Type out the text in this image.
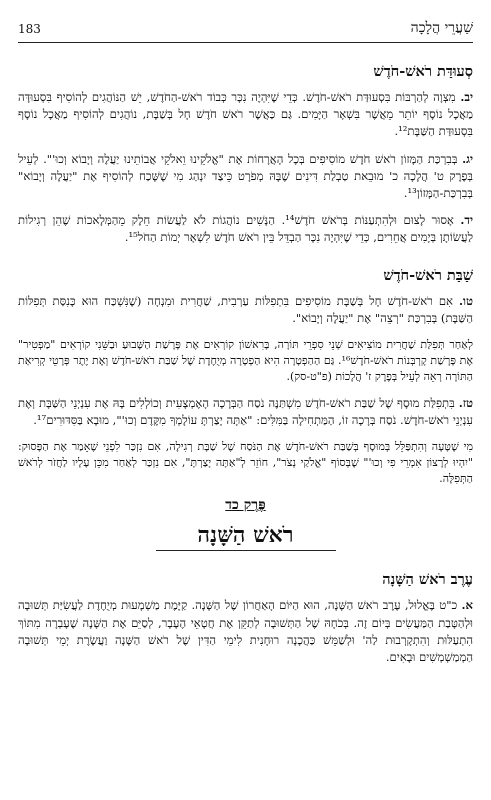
183	שַׁעֲרֵי הֲלָכָה
סְעוּדַּת רֹאשׁ-חֹדֶשׁ

יב. מִצְוָה לְהַרְבּוֹת בִּסְעוּדַּת רֹאשׁ-חֹדֶשׁ. כְּדֵי שֶׁיִּהְיֶה נִכָּר כְּבוֹד רֹאשׁ-הַחֹדֶשׁ, יֵשׁ הַנּוֹהֲגִים לְהוֹסִיף בִּסְעוּדָּה מַאֲכָל נוֹסָף יוֹתֵר מֵאֲשֶׁר בִּשְׁאָר הַיָּמִים. גַּם כַּאֲשֶׁר רֹאשׁ חֹדֶשׁ חָל בְּשַׁבָּת, נוֹהֲגִים לְהוֹסִיף מַאֲכָל נוֹסָף בִּסְעוּדַּת הַשַּׁבָּת¹².

יג. בְּבִרְכַּת הַמָּזוֹן רֹאשׁ חֹדֶשׁ מוֹסִיפִים בְּכָל הָאֲרָחוֹת אֶת "אֱלֹקֵינוּ וֵאלֹקֵי אֲבוֹתֵינוּ יַעֲלֶה וְיָבוֹא וְכוּ'". לְעֵיל בְּפֶרֶק ט' הֲלָכָה כ' מוּבֵאת טַבְלַת דִּינִים שֶׁבָּהּ מְפֹרָט כֵּיצַד יִנְהַג מִי שֶׁשָּׁכַח לְהוֹסִיף אֶת "יַעֲלֶה וְיָבוֹא" בְּבִרְכַּת-הַמָּזוֹן¹³.

יד. אָסוּר לָצוּם וּלְהִתְעַנּוֹת בְּרֹאשׁ חֹדֶשׁ¹⁴. הַנָּשִׁים נוֹהֲגוֹת לֹא לַעֲשׂוֹת חֵלֶק מֵהַמְּלָאכוֹת שֶׁהֵן רְגִילוֹת לַעֲשׂוֹתָן בְּיָמִים אֲחֵרִים, כְּדֵי שֶׁיִּהְיֶה נִכָּר הַבְדֵּל בֵּין רֹאשׁ חֹדֶשׁ לִשְׁאָר יְמוֹת הַחֹל¹⁵.

שַׁבַּת רֹאשׁ-חֹדֶשׁ

טו. אִם רֹאשׁ-חֹדֶשׁ חָל בְּשַׁבָּת מוֹסִיפִים בִּתְפִלּוֹת עַרְבִית, שַׁחֲרִית וּמִנְחָה (שֶׁנִּשְׁכַּח הוּא כָּנִסַּת תְּפִלּוֹת הַשַּׁבָּת) בְּבִרְכַּת "רְצֵה" אֶת "יַעֲלֶה וְיָבוֹא".

לְאַחַר תְּפִלַּת שַׁחֲרִית מוֹצִיאִים שְׁנֵי סִפְרֵי תּוֹרָה, בָּרִאשׁוֹן קוֹרְאִים אֶת פָּרָשַׁת הַשָּׁבוּעַ וּבַשֵּׁנִי קוֹרְאִים "מַפְטִיר" אֶת פָּרָשַׁת קָרְבְּנוֹת רֹאשׁ-חֹדֶשׁ¹⁶. גַּם הַהַפְטָרָה הִיא הַפְטָרָה מְיֻחֶדֶת שֶׁל שַׁבַּת רֹאשׁ-חֹדֶשׁ וְאֶת יֶתֶר פְּרָטֵי קְרִיאַת הַתּוֹרָה רְאֵה לְעֵיל בְּפֶרֶק ז' הֲלָכוֹת (פ"ט-סק).

טז. בִּתְפִלַּת מוּסָף שֶׁל שַׁבַּת רֹאשׁ-חֹדֶשׁ מִשְׁתַּנֶּה נֹסַח הַבְּרָכָה הָאֶמְצָעִית וְכוֹלְלִים בָּהּ אֶת עִנְיְנֵי הַשַּׁבָּת וְאֶת עִנְיְנֵי רֹאשׁ-חֹדֶשׁ. נֹסַח בְּרָכָה זוֹ, הַמַּתְחִילָה בַּמִּלִּים: "אַתָּה יָצַרְתָּ עוֹלָמְךָ מִקֶּדֶם וְכוּ'", מוּבָא בַּסִּדּוּרִים¹⁷.

מִי שֶׁטָּעָה וְהִתְפַּלֵּל בְּמוּסָף בְּשַׁבַּת רֹאשׁ-חֹדֶשׁ אֶת הַנֹּסַח שֶׁל שַׁבָּת רְגִילָה, אִם נִזְכַּר לִפְנֵי שֶׁאָמַר אֶת הַפָּסוּק: "יִהְיוּ לְרָצוֹן אִמְרֵי פִי וְכוּ'" שֶׁבְּסוֹף "אֱלֹקַי נְצֹר", חוֹזֵר לְ"אַתָּה יָצַרְתָּ", אִם נִזְכַּר לְאַחַר מִכֵּן עָלָיו לַחֲזֹר לְרֹאשׁ הַתְּפִלָּה.

פֶּרֶק כד
רֹאשׁ הַשָּׁנָה
עֶרֶב רֹאשׁ הַשָּׁנָה

א. כ"ט בֶּאֱלוּל, עֶרֶב רֹאשׁ הַשָּׁנָה, הוּא הַיּוֹם הָאַחֲרוֹן שֶׁל הַשָּׁנָה. קַיֶּמֶת מַשְׁמָעוּת מְיֻחֶדֶת לַעֲשִׂיַּת תְּשׁוּבָה וּלְהַטָּבַת הַמַּעֲשִׂים בְּיוֹם זֶה. בְּכֹחָהּ שֶׁל הַתְּשׁוּבָה לְתַקֵּן אֶת חֲטָאֵי הֶעָבָר, לְסַיֵּם אֶת הַשָּׁנָה שֶׁעָבְרָה מִתּוֹךְ הִתְעַלּוּת וְהִתְקָרְבוּת לַה' וּלְשַׁמֵּשׁ כַּהֲכָנָה רוּחָנִית לִימֵי הַדִּין שֶׁל רֹאשׁ הַשָּׁנָה וַעֲשֶׂרֶת יְמֵי תְּשׁוּבָה הַמְמַשְׁמְשִׁים וּבָאִים.
